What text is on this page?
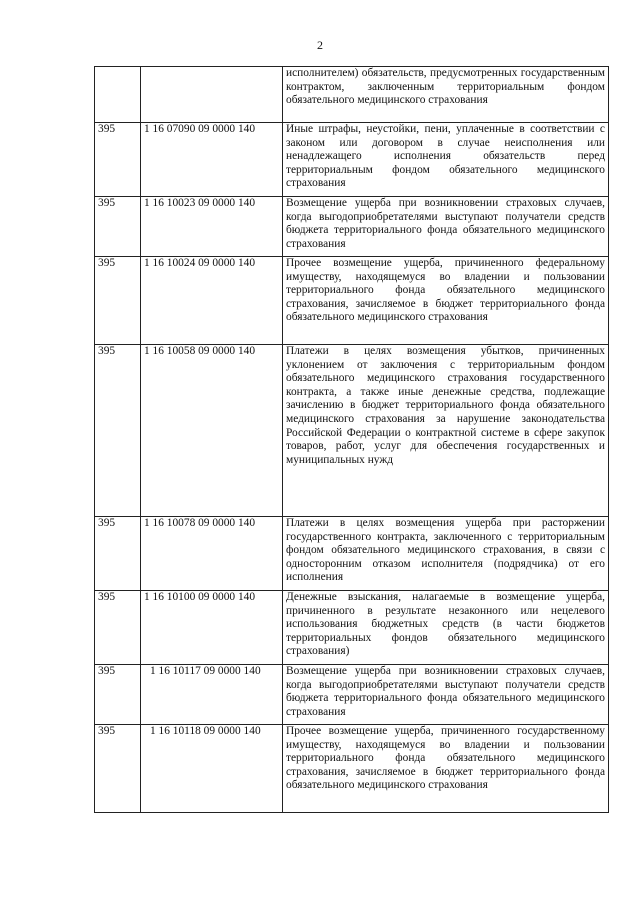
2
		исполнителем) обязательств, предусмотренных государственным контрактом, заключенным территориальным фондом обязательного медицинского страхования
395	1 16 07090 09 0000 140	Иные штрафы, неустойки, пени, уплаченные в соответствии с законом или договором в случае неисполнения или ненадлежащего исполнения обязательств перед территориальным фондом обязательного медицинского страхования
395	1 16 10023 09 0000 140	Возмещение ущерба при возникновении страховых случаев, когда выгодоприобретателями выступают получатели средств бюджета территориального фонда обязательного медицинского страхования
395	1 16 10024 09 0000 140	Прочее возмещение ущерба, причиненного федеральному имуществу, находящемуся во владении и пользовании территориального фонда обязательного медицинского страхования, зачисляемое в бюджет территориального фонда обязательного медицинского страхования
395	1 16 10058 09 0000 140	Платежи в целях возмещения убытков, причиненных уклонением от заключения с территориальным фондом обязательного медицинского страхования государственного контракта, а также иные денежные средства, подлежащие зачислению в бюджет территориального фонда обязательного медицинского страхования за нарушение законодательства Российской Федерации о контрактной системе в сфере закупок товаров, работ, услуг для обеспечения государственных и муниципальных нужд
395	1 16 10078 09 0000 140	Платежи в целях возмещения ущерба при расторжении государственного контракта, заключенного с территориальным фондом обязательного медицинского страхования, в связи с односторонним отказом исполнителя (подрядчика) от его исполнения
395	1 16 10100 09 0000 140	Денежные взыскания, налагаемые в возмещение ущерба, причиненного в результате незаконного или нецелевого использования бюджетных средств (в части бюджетов территориальных фондов обязательного медицинского страхования)
395	1 16 10117 09 0000 140	Возмещение ущерба при возникновении страховых случаев, когда выгодоприобретателями выступают получатели средств бюджета территориального фонда обязательного медицинского страхования
395	1 16 10118 09 0000 140	Прочее возмещение ущерба, причиненного государственному имуществу, находящемуся во владении и пользовании территориального фонда обязательного медицинского страхования, зачисляемое в бюджет территориального фонда обязательного медицинского страхования
